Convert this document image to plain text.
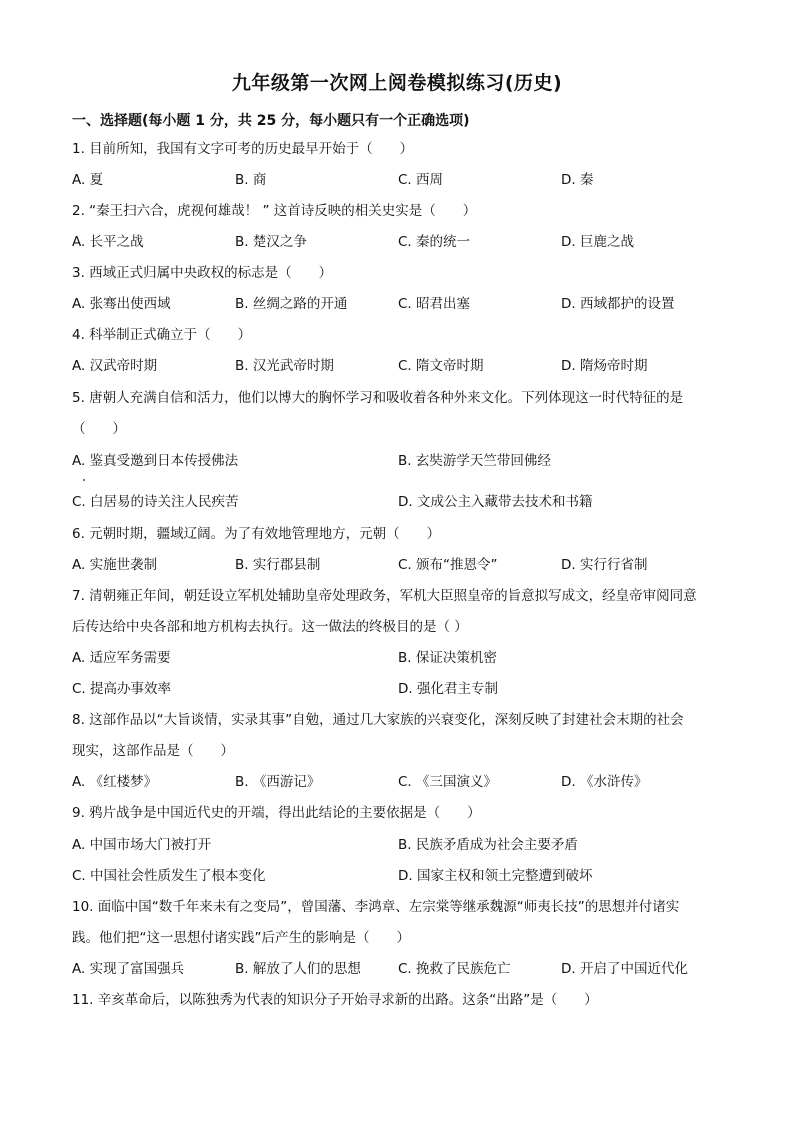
九年级第一次网上阅卷模拟练习(历史)
一、选择题(每小题 1 分，共 25 分，每小题只有一个正确选项)
1. 目前所知，我国有文字可考的历史最早开始于（　　）
A. 夏	B. 商	C. 西周	D. 秦
2. “秦王扫六合，虎视何雄哉！ ” 这首诗反映的相关史实是（　　）
A. 长平之战	B. 楚汉之争	C. 秦的统一	D. 巨鹿之战
3. 西域正式归属中央政权的标志是（　　）
A. 张骞出使西域	B. 丝绸之路的开通	C. 昭君出塞	D. 西域都护的设置
4. 科举制正式确立于（　　）
A. 汉武帝时期	B. 汉光武帝时期	C. 隋文帝时期	D. 隋炀帝时期
5. 唐朝人充满自信和活力，他们以博大的胸怀学习和吸收着各种外来文化。下列体现这一时代特征的是
（　　）
A. 鉴真受邀到日本传授佛法	B. 玄奘游学天竺带回佛经
C. 白居易的诗关注人民疾苦	D. 文成公主入藏带去技术和书籍
6. 元朝时期，疆域辽阔。为了有效地管理地方，元朝（　　）
A. 实施世袭制	B. 实行郡县制	C. 颁布“推恩令”	D. 实行行省制
7. 清朝雍正年间，朝廷设立军机处辅助皇帝处理政务，军机大臣照皇帝的旨意拟写成文，经皇帝审阅同意
后传达给中央各部和地方机构去执行。这一做法的终极目的是（ ）
A. 适应军务需要	B. 保证决策机密
C. 提高办事效率	D. 强化君主专制
8. 这部作品以“大旨谈情，实录其事”自勉，通过几大家族的兴衰变化，深刻反映了封建社会末期的社会
现实，这部作品是（　　）
A. 《红楼梦》	B. 《西游记》	C. 《三国演义》	D. 《水浒传》
9. 鸦片战争是中国近代史的开端，得出此结论的主要依据是（　　）
A. 中国市场大门被打开	B. 民族矛盾成为社会主要矛盾
C. 中国社会性质发生了根本变化	D. 国家主权和领土完整遭到破坏
10. 面临中国“数千年来未有之变局”，曾国藩、李鸿章、左宗棠等继承魏源“师夷长技”的思想并付诸实
践。他们把“这一思想付诸实践”后产生的影响是（　　）
A. 实现了富国强兵	B. 解放了人们的思想	C. 挽救了民族危亡	D. 开启了中国近代化
11. 辛亥革命后，以陈独秀为代表的知识分子开始寻求新的出路。这条“出路”是（　　）
